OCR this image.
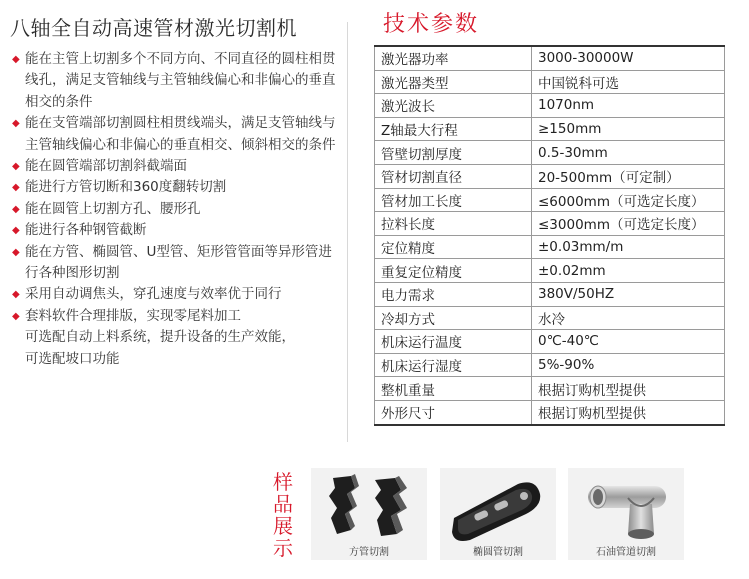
八轴全自动高速管材激光切割机
◆ 能在主管上切割多个不同方向、不同直径的圆柱相贯线孔，满足支管轴线与主管轴线偏心和非偏心的垂直相交的条件
◆ 能在支管端部切割圆柱相贯线端头，满足支管轴线与主管轴线偏心和非偏心的垂直相交、倾斜相交的条件
◆ 能在圆管端部切割斜截端面
◆ 能进行方管切断和360度翻转切割
◆ 能在圆管上切割方孔、腰形孔
◆ 能进行各种钢管截断
◆ 能在方管、椭圆管、U型管、矩形管管面等异形管进行各种图形切割
◆ 采用自动调焦头，穿孔速度与效率优于同行
◆ 套料软件合理排版，实现零尾料加工
可选配自动上料系统，提升设备的生产效能，
可选配坡口功能
技术参数
激光器功率	3000-30000W
激光器类型	中国锐科可选
激光波长	1070nm
Z轴最大行程	≥150mm
管壁切割厚度	0.5-30mm
管材切割直径	20-500mm（可定制）
管材加工长度	≤6000mm（可选定长度）
拉料长度	≤3000mm（可选定长度）
定位精度	±0.03mm/m
重复定位精度	±0.02mm
电力需求	380V/50HZ
冷却方式	水冷
机床运行温度	0℃-40℃
机床运行湿度	5%-90%
整机重量	根据订购机型提供
外形尺寸	根据订购机型提供
样品展示	方管切割	椭圆管切割	石油管道切割
